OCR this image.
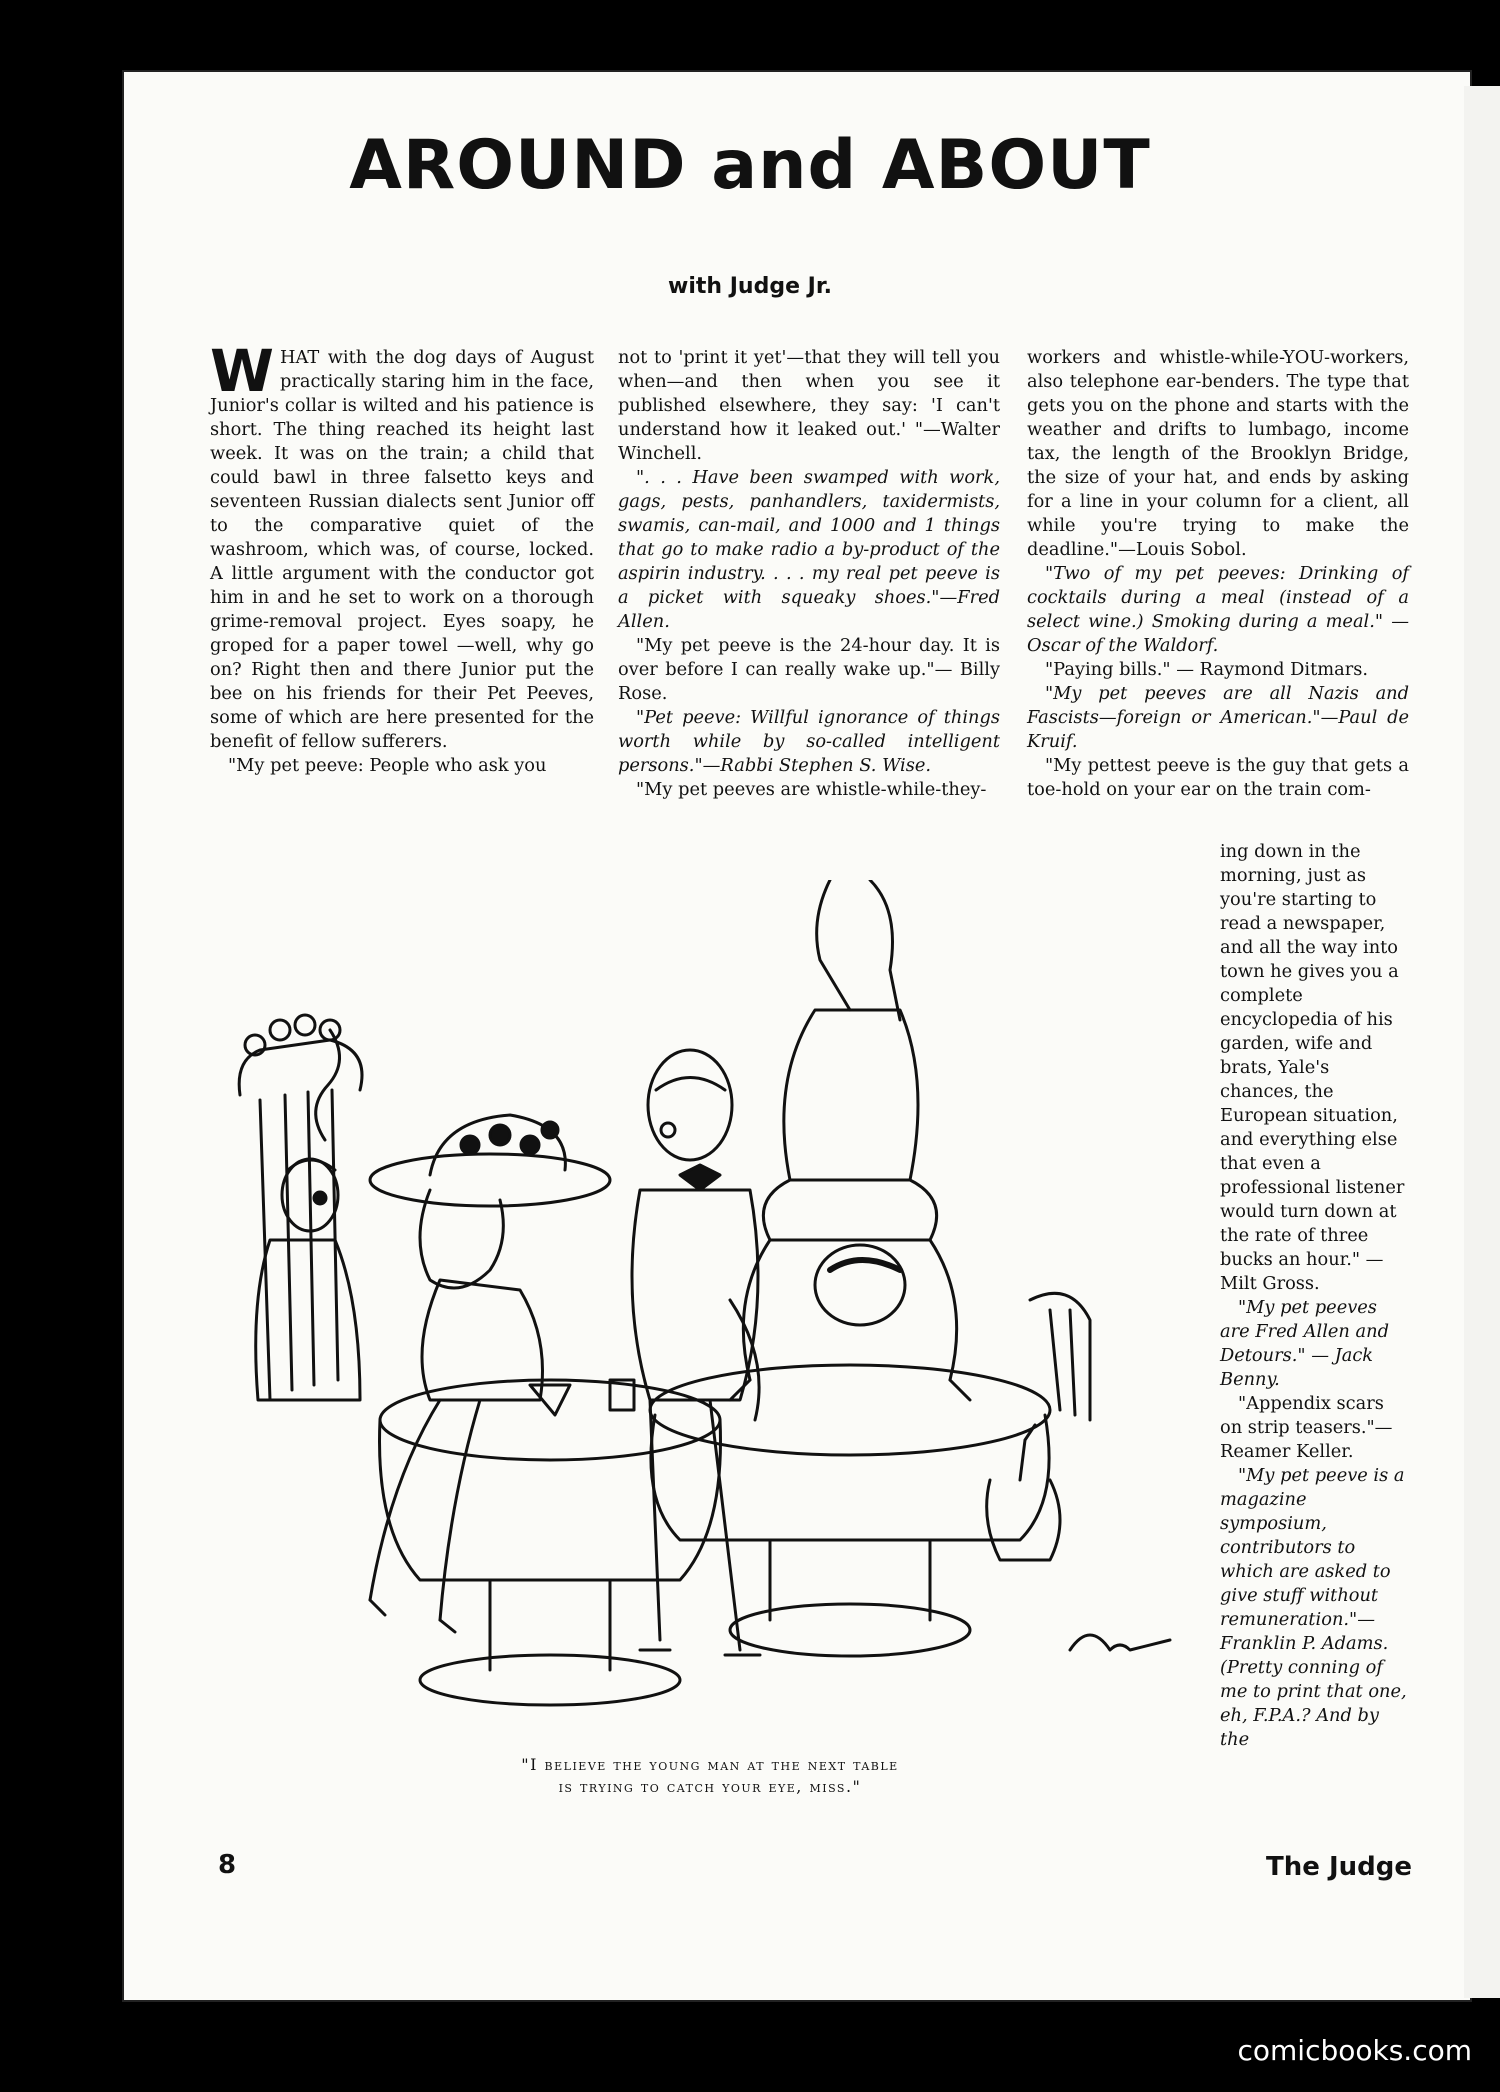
AROUND and ABOUT
with Judge Jr.

WHAT with the dog days of August practically staring him in the face, Junior's collar is wilted and his patience is short. The thing reached its height last week. It was on the train; a child that could bawl in three falsetto keys and seventeen Russian dialects sent Junior off to the comparative quiet of the washroom, which was, of course, locked. A little argument with the conductor got him in and he set to work on a thorough grime-removal project. Eyes soapy, he groped for a paper towel —well, why go on? Right then and there Junior put the bee on his friends for their Pet Peeves, some of which are here presented for the benefit of fellow sufferers.

"My pet peeve: People who ask you

not to 'print it yet'—that they will tell you when—and then when you see it published elsewhere, they say: 'I can't understand how it leaked out.' "—Walter Winchell.

". . . Have been swamped with work, gags, pests, panhandlers, taxidermists, swamis, can-mail, and 1000 and 1 things that go to make radio a by-product of the aspirin industry. . . . my real pet peeve is a picket with squeaky shoes."—Fred Allen.

"My pet peeve is the 24-hour day. It is over before I can really wake up."— Billy Rose.

"Pet peeve: Willful ignorance of things worth while by so-called intelligent persons."—Rabbi Stephen S. Wise.

"My pet peeves are whistle-while-they-

workers and whistle-while-YOU-workers, also telephone ear-benders. The type that gets you on the phone and starts with the weather and drifts to lumbago, income tax, the length of the Brooklyn Bridge, the size of your hat, and ends by asking for a line in your column for a client, all while you're trying to make the deadline."—Louis Sobol.

"Two of my pet peeves: Drinking of cocktails during a meal (instead of a select wine.) Smoking during a meal." —Oscar of the Waldorf.

"Paying bills." — Raymond Ditmars.

"My pet peeves are all Nazis and Fascists—foreign or American."—Paul de Kruif.

"My pettest peeve is the guy that gets a toe-hold on your ear on the train com-

ing down in the morning, just as you're starting to read a newspaper, and all the way into town he gives you a complete encyclopedia of his garden, wife and brats, Yale's chances, the European situation, and everything else that even a professional listener would turn down at the rate of three bucks an hour." — Milt Gross.

"My pet peeves are Fred Allen and Detours." — Jack Benny.

"Appendix scars on strip teasers."— Reamer Keller.

"My pet peeve is a magazine symposium, contributors to which are asked to give stuff without remuneration."—Franklin P. Adams. (Pretty conning of me to print that one, eh, F.P.A.? And by the

"I believe the young man at the next table
is trying to catch your eye, miss."
8	The Judge
comicbooks.com
